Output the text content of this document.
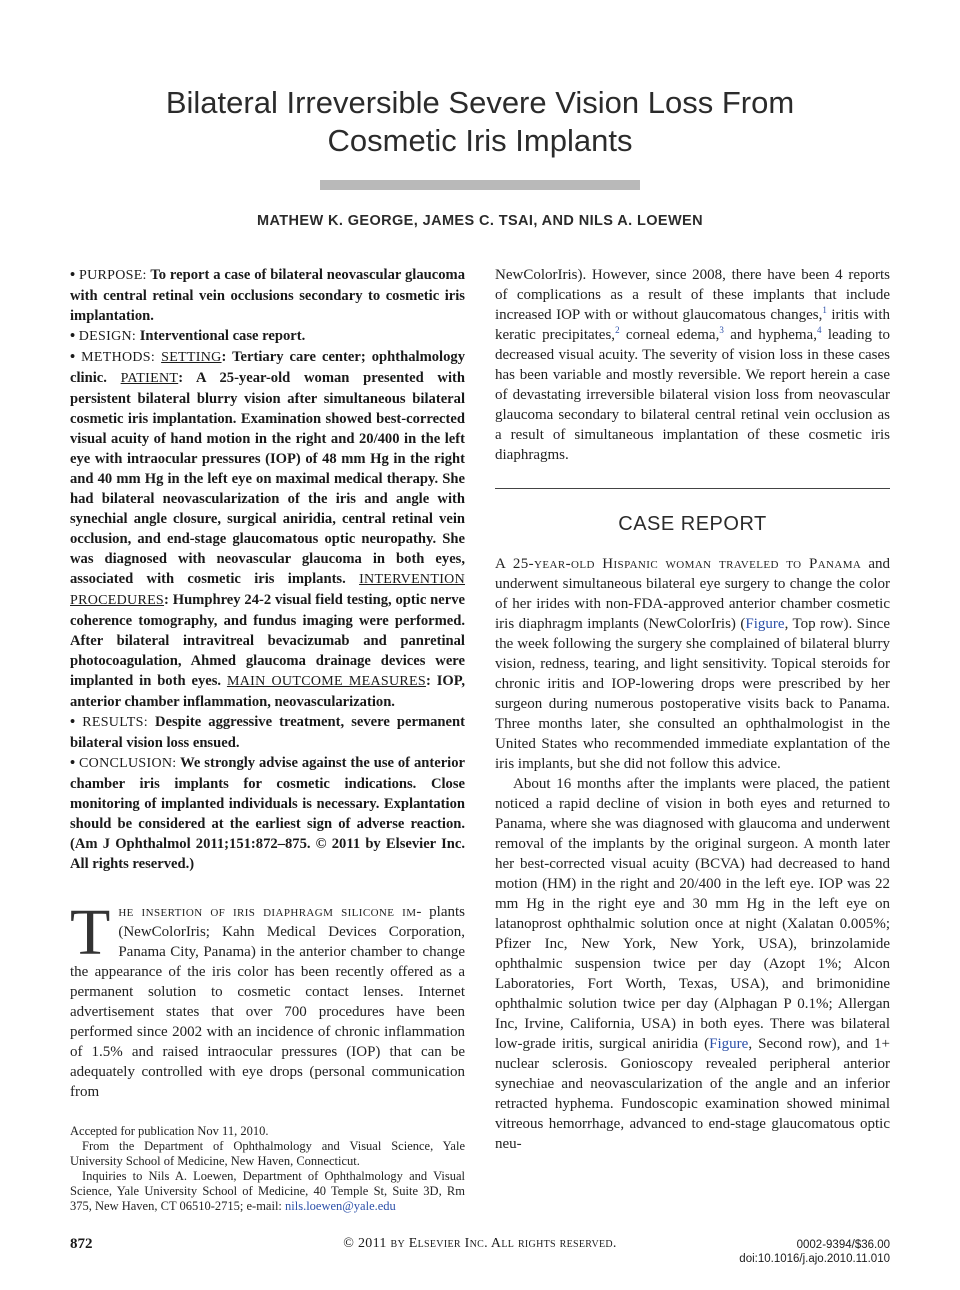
Bilateral Irreversible Severe Vision Loss From
Cosmetic Iris Implants
MATHEW K. GEORGE, JAMES C. TSAI, AND NILS A. LOEWEN

• PURPOSE: To report a case of bilateral neovascular glaucoma with central retinal vein occlusions secondary to cosmetic iris implantation.

• DESIGN: Interventional case report.

• METHODS: SETTING: Tertiary care center; ophthalmology clinic. PATIENT: A 25-year-old woman presented with persistent bilateral blurry vision after simultaneous bilateral cosmetic iris implantation. Examination showed best-corrected visual acuity of hand motion in the right and 20/400 in the left eye with intraocular pressures (IOP) of 48 mm Hg in the right and 40 mm Hg in the left eye on maximal medical therapy. She had bilateral neovascularization of the iris and angle with synechial angle closure, surgical aniridia, central retinal vein occlusion, and end-stage glaucomatous optic neuropathy. She was diagnosed with neovascular glaucoma in both eyes, associated with cosmetic iris implants. INTERVENTION PROCEDURES: Humphrey 24-2 visual field testing, optic nerve coherence tomography, and fundus imaging were performed. After bilateral intravitreal bevacizumab and panretinal photocoagulation, Ahmed glaucoma drainage devices were implanted in both eyes. MAIN OUTCOME MEASURES: IOP, anterior chamber inflammation, neovascularization.

• RESULTS: Despite aggressive treatment, severe permanent bilateral vision loss ensued.

• CONCLUSION: We strongly advise against the use of anterior chamber iris implants for cosmetic indications. Close monitoring of implanted individuals is necessary. Explantation should be considered at the earliest sign of adverse reaction. (Am J Ophthalmol 2011;151:872–875. © 2011 by Elsevier Inc. All rights reserved.)

The insertion of iris diaphragm silicone im- plants (NewColorIris; Kahn Medical Devices Corporation, Panama City, Panama) in the anterior chamber to change the appearance of the iris color has been recently offered as a permanent solution to cosmetic contact lenses. Internet advertisement states that over 700 procedures have been performed since 2002 with an incidence of chronic inflammation of 1.5% and raised intraocular pressures (IOP) that can be adequately controlled with eye drops (personal communication from

Accepted for publication Nov 11, 2010.

From the Department of Ophthalmology and Visual Science, Yale University School of Medicine, New Haven, Connecticut.

Inquiries to Nils A. Loewen, Department of Ophthalmology and Visual Science, Yale University School of Medicine, 40 Temple St, Suite 3D, Rm 375, New Haven, CT 06510-2715; e-mail: nils.loewen@yale.edu

NewColorIris). However, since 2008, there have been 4 reports of complications as a result of these implants that include increased IOP with or without glaucomatous changes,$^1$ iritis with keratic precipitates,$^2$ corneal edema,$^3$ and hyphema,$^4$ leading to decreased visual acuity. The severity of vision loss in these cases has been variable and mostly reversible. We report herein a case of devastating irreversible bilateral vision loss from neovascular glaucoma secondary to bilateral central retinal vein occlusion as a result of simultaneous implantation of these cosmetic iris diaphragms.

CASE REPORT

A 25-year-old Hispanic woman traveled to Panama and underwent simultaneous bilateral eye surgery to change the color of her irides with non-FDA-approved anterior chamber cosmetic iris diaphragm implants (NewColorIris) (Figure, Top row). Since the week following the surgery she complained of bilateral blurry vision, redness, tearing, and light sensitivity. Topical steroids for chronic iritis and IOP-lowering drops were prescribed by her surgeon during numerous postoperative visits back to Panama. Three months later, she consulted an ophthalmologist in the United States who recommended immediate explantation of the iris implants, but she did not follow this advice.

About 16 months after the implants were placed, the patient noticed a rapid decline of vision in both eyes and returned to Panama, where she was diagnosed with glaucoma and underwent removal of the implants by the original surgeon. A month later her best-corrected visual acuity (BCVA) had decreased to hand motion (HM) in the right and 20/400 in the left eye. IOP was 22 mm Hg in the right eye and 30 mm Hg in the left eye on latanoprost ophthalmic solution once at night (Xalatan 0.005%; Pfizer Inc, New York, New York, USA), brinzolamide ophthalmic suspension twice per day (Azopt 1%; Alcon Laboratories, Fort Worth, Texas, USA), and brimonidine ophthalmic solution twice per day (Alphagan P 0.1%; Allergan Inc, Irvine, California, USA) in both eyes. There was bilateral low-grade iritis, surgical aniridia (Figure, Second row), and 1+ nuclear sclerosis. Gonioscopy revealed peripheral anterior synechiae and neovascularization of the angle and an inferior retracted hyphema. Fundoscopic examination showed minimal vitreous hemorrhage, advanced to end-stage glaucomatous optic neu-

872	© 2011 by Elsevier Inc. All rights reserved.	0002-9394/$36.00
doi:10.1016/j.ajo.2010.11.010
